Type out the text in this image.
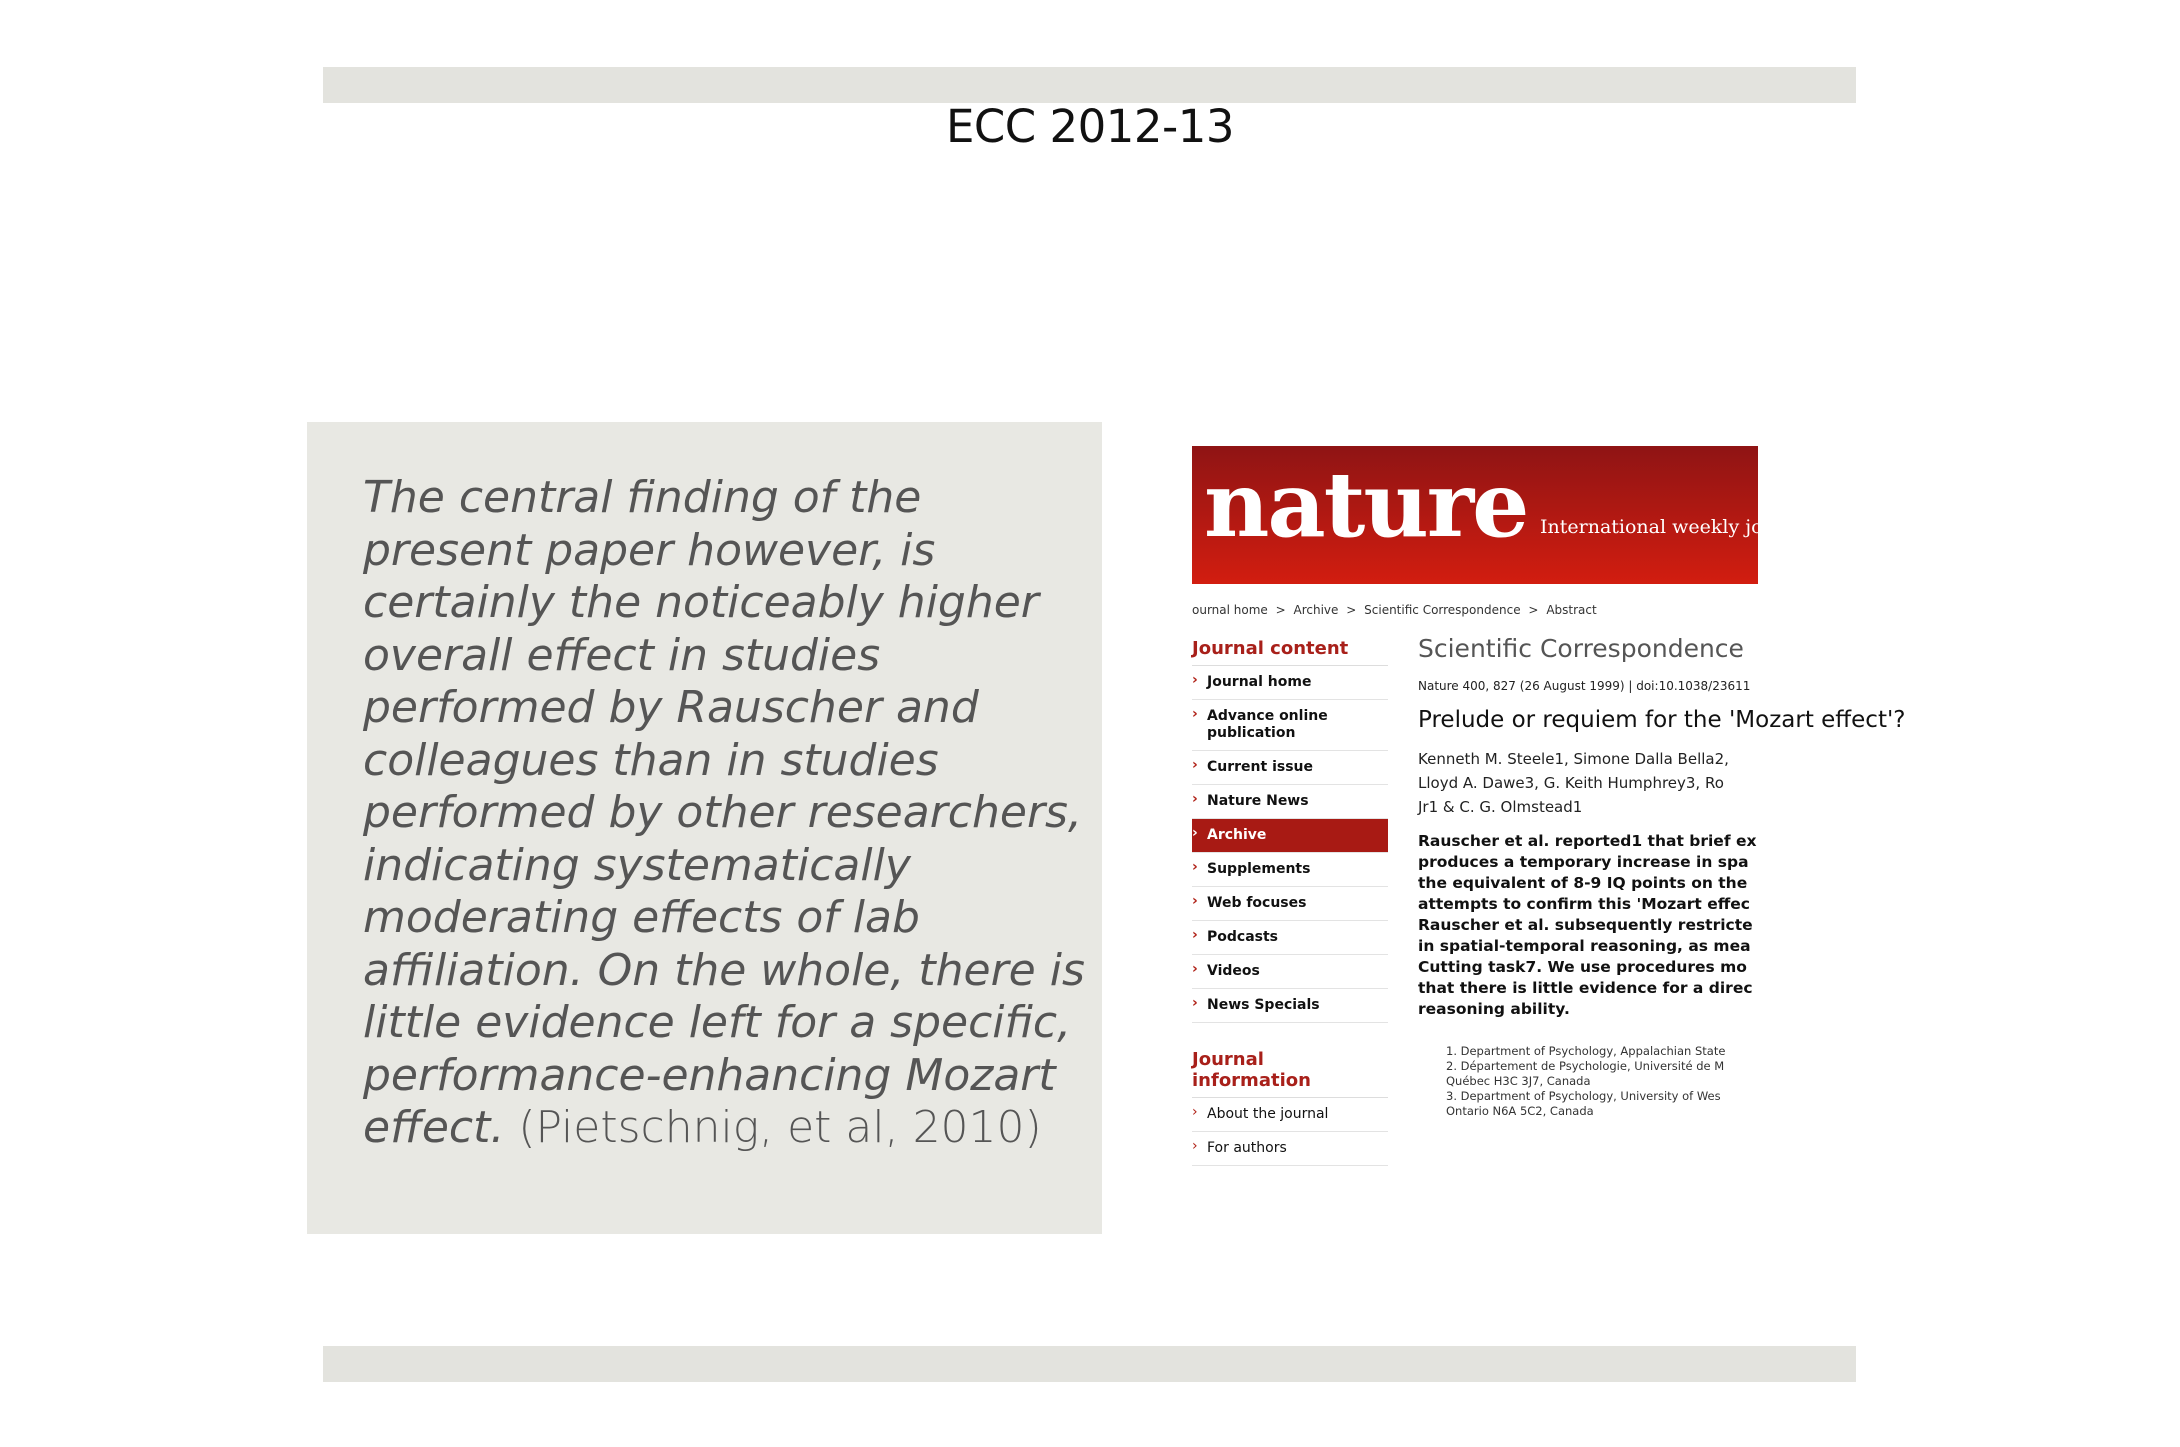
ECC 2012-13
The central finding of the present paper however, is certainly the noticeably higher overall effect in studies performed by Rauscher and colleagues than in studies performed by other researchers, indicating systematically moderating effects of lab affiliation. On the whole, there is little evidence left for a specific, performance-enhancing Mozart effect. (Pietschnig, et al, 2010)
nature International weekly journal of science
ournal home > Archive > Scientific Correspondence > Abstract
Journal content
› Journal home
› Advance online publication
› Current issue
› Nature News
› Archive
› Supplements
› Web focuses
› Podcasts
› Videos
› News Specials
Journal information
› About the journal
› For authors
Scientific Correspondence
Nature 400, 827 (26 August 1999) | doi:10.1038/23611
Prelude or requiem for the 'Mozart effect'?
Kenneth M. Steele1, Simone Dalla Bella2,
Lloyd A. Dawe3, G. Keith Humphrey3, Ro
Jr1 & C. G. Olmstead1
Rauscher et al. reported1 that brief ex
produces a temporary increase in spa
the equivalent of 8-9 IQ points on the
attempts to confirm this 'Mozart effec
Rauscher et al. subsequently restricte
in spatial-temporal reasoning, as mea
Cutting task7. We use procedures mo
that there is little evidence for a direc
reasoning ability.
1. Department of Psychology, Appalachian State
2. Département de Psychologie, Université de M
Québec H3C 3J7, Canada
3. Department of Psychology, University of Wes
Ontario N6A 5C2, Canada
